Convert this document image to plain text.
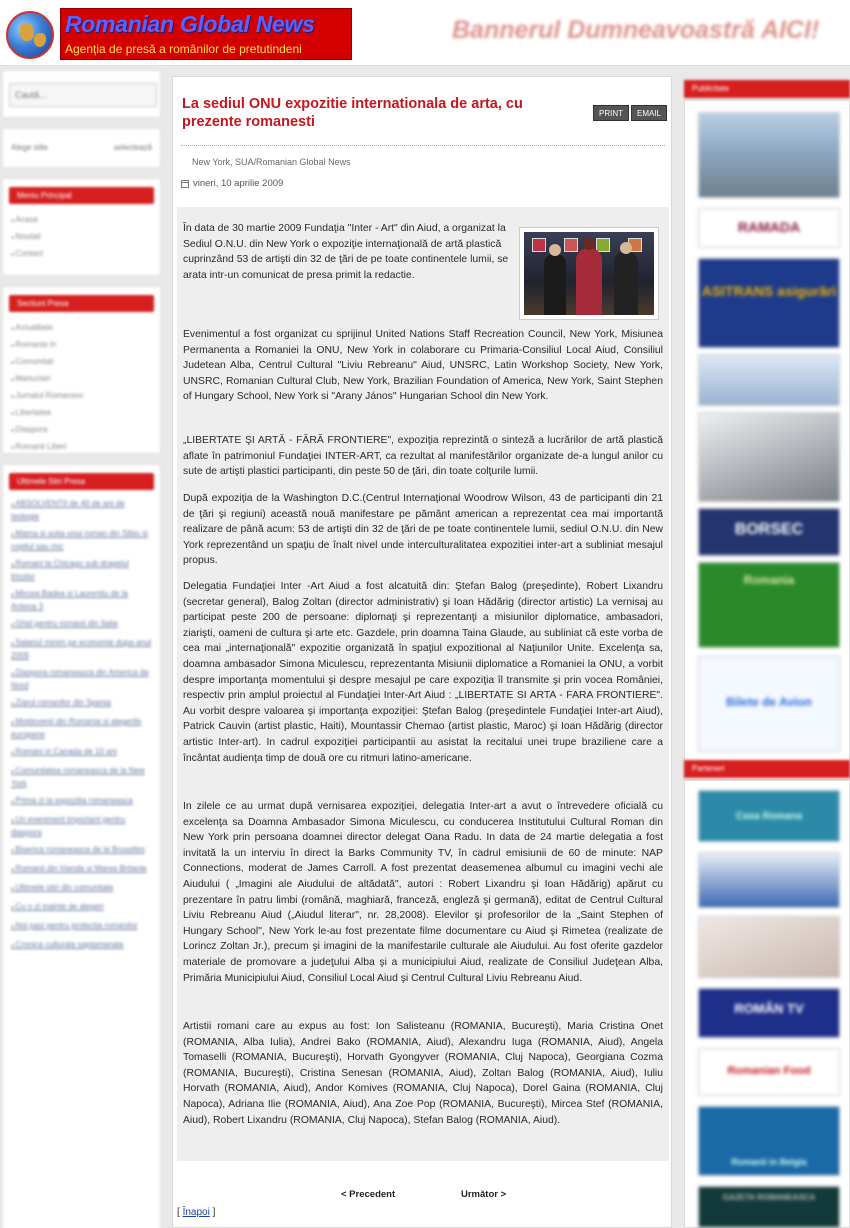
Romanian Global News
Agenția de presă a românilor de pretutindeni
Bannerul Dumneavoastră AICI!
Caută...
Alege sitle	selectează
Meniu Principal
■ Acasa
■ Noutati
■ Contact
Sectiuni Presa
■ Actualitate
■ Romania In
■ Comunitati
■ Marturisiri
■ Jurnalul Romanesc
■ Libertatea
■ Diaspora
■ Romanii Liberi
Ultimele Stiri Presa
■ ABSOLVENTII de 40 de ani de teologie
■ Mama si sotia unui roman din Sibiu si copilul sau mic
■ Romani la Chicago sub drapelul tricolor
■ Mircea Badea si Laurentiu de la Antena 3
■ Ghid pentru romanii din Italia
■ Salariul minim pe economie dupa anul 2009
■ Diaspora romaneasca din America de Nord
■ Ziarul romanilor din Spania
■ Moldovenii din Romania si alegerile europene
■ Romani in Canada de 10 ani
■ Comunitatea romaneasca de la New York
■ Prima zi la expozitia romaneasca
■ Un eveniment important pentru diaspora
■ Biserica romaneasca de la Bruxelles
■ Romanii din Irlanda si Marea Britanie
■ Ultimele stiri din comunitate
■ Cu o zi inainte de alegeri
■ Noi pasi pentru protectia romanilor
■ Cronica culturala saptamanala
La sediul ONU expozitie internationala de arta, cu prezente romanesti
PRINT	EMAIL
New York, SUA/Romanian Global News
vineri, 10 aprilie 2009

În data de 30 martie 2009 Fundaţia "Inter - Art" din Aiud, a organizat la Sediul O.N.U. din New York o expoziţie internaţională de artă plastică cuprinzând 53 de artişti din 32 de ţări de pe toate continentele lumii, se arata intr-un comunicat de presa primit la redactie.

Evenimentul a fost organizat cu sprijinul United Nations Staff Recreation Council, New York, Misiunea Permanenta a Romaniei la ONU, New York in colaborare cu Primaria-Consiliul Local Aiud, Consiliul Judetean Alba, Centrul Cultural "Liviu Rebreanu" Aiud, UNSRC, Latin Workshop Society, New York, UNSRC, Romanian Cultural Club, New York, Brazilian Foundation of America, New York, Saint Stephen of Hungary School, New York si "Arany János" Hungarian School din New York.

„LIBERTATE ŞI ARTĂ - FĂRĂ FRONTIERE", expoziţia reprezintă o sinteză a lucrărilor de artă plastică aflate în patrimoniul Fundaţiei INTER-ART, ca rezultat al manifestărilor organizate de-a lungul anilor cu sute de artişti plastici participanti, din peste 50 de ţări, din toate colţurile lumii.

După expoziţia de la Washington D.C.(Centrul Internaţional Woodrow Wilson, 43 de participanti din 21 de ţări şi regiuni) această nouă manifestare pe pământ american a reprezentat cea mai importantă realizare de până acum: 53 de artişti din 32 de ţări de pe toate continentele lumii, sediul O.N.U. din New York reprezentând un spaţiu de înalt nivel unde interculturalitatea expozitiei inter-art a subliniat mesajul propus.

Delegatia Fundaţiei Inter -Art Aiud a fost alcatuită din: Ştefan Balog (preşedinte), Robert Lixandru (secretar general), Balog Zoltan (director administrativ) şi Ioan Hădărig (director artistic) La vernisaj au participat peste 200 de persoane: diplomaţi şi reprezentanţi a misiunilor diplomatice, ambasadori, ziarişti, oameni de cultura şi arte etc. Gazdele, prin doamna Taina Glaude, au subliniat că este vorba de cea mai „internaţională" expozitie organizată în spaţiul expozitional al Naţiunilor Unite. Excelenţa sa, doamna ambasador Simona Miculescu, reprezentanta Misiunii diplomatice a Romaniei la ONU, a vorbit despre importanţa momentului şi despre mesajul pe care expoziţia îl transmite şi prin vocea României, respectiv prin amplul proiectul al Fundaţiei Inter-Art Aiud : „LIBERTATE SI ARTA - FARA FRONTIERE". Au vorbit despre valoarea şi importanţa expoziţiei: Ştefan Balog (preşedintele Fundaţiei Inter-art Aiud), Patrick Cauvin (artist plastic, Haiti), Mountassir Chemao (artist plastic, Maroc) şi Ioan Hădărig (director artistic Inter-art). In cadrul expoziţiei participantii au asistat la recitalui unei trupe braziliene care a încântat audienţa timp de două ore cu ritmuri latino-americane.

In zilele ce au urmat după vernisarea expoziţiei, delegatia Inter-art a avut o întrevedere oficială cu excelenţa sa Doamna Ambasador Simona Miculescu, cu conducerea Institutului Cultural Roman din New York prin persoana doamnei director delegat Oana Radu. In data de 24 martie delegatia a fost invitată la un interviu în direct la Barks Community TV, în cadrul emisiunii de 60 de minute: NAP Connections, moderat de James Carroll. A fost prezentat deasemenea albumul cu imagini vechi ale Aiudului ( „Imagini ale Aiudului de altădată", autori : Robert Lixandru şi Ioan Hădărig) apărut cu prezentare în patru limbi (română, maghiară, franceză, engleză şi germană), editat de Centrul Cultural Liviu Rebreanu Aiud („Aiudul literar", nr. 28,2008). Elevilor şi profesorilor de la „Saint Stephen of Hungary School", New York le-au fost prezentate filme documentare cu Aiud şi Rimetea (realizate de Lorincz Zoltan Jr.), precum şi imagini de la manifestarile culturale ale Aiudului. Au fost oferite gazdelor materiale de promovare a judeţului Alba şi a municipiului Aiud, realizate de Consiliul Judeţean Alba, Primăria Municipiului Aiud, Consiliul Local Aiud şi Centrul Cultural Liviu Rebreanu Aiud.

Artistii romani care au expus au fost: Ion Salisteanu (ROMANIA, Bucureşti), Maria Cristina Onet (ROMANIA, Alba Iulia), Andrei Bako (ROMANIA, Aiud), Alexandru Iuga (ROMANIA, Aiud), Angela Tomaselli (ROMANIA, Bucureşti), Horvath Gyongyver (ROMANIA, Cluj Napoca), Georgiana Cozma (ROMANIA, Bucureşti), Cristina Senesan (ROMANIA, Aiud), Zoltan Balog (ROMANIA, Aiud), Iuliu Horvath (ROMANIA, Aiud), Andor Komives (ROMANIA, Cluj Napoca), Dorel Gaina (ROMANIA, Cluj Napoca), Adriana Ilie (ROMANIA, Aiud), Ana Zoe Pop (ROMANIA, Bucureşti), Mircea Stef (ROMANIA, Aiud), Robert Lixandru (ROMANIA, Cluj Napoca), Stefan Balog (ROMANIA, Aiud).

< Precedent	Următor >
[ Înapoi ]
Publicitate
RAMADA
ASITRANS asigurări
BORSEC
Romania
Bilete de Avion
Parteneri
Casa Romana
ROMÂN TV
Romanian Food
Romanii in Belgia
GAZETA ROMANEASCA
